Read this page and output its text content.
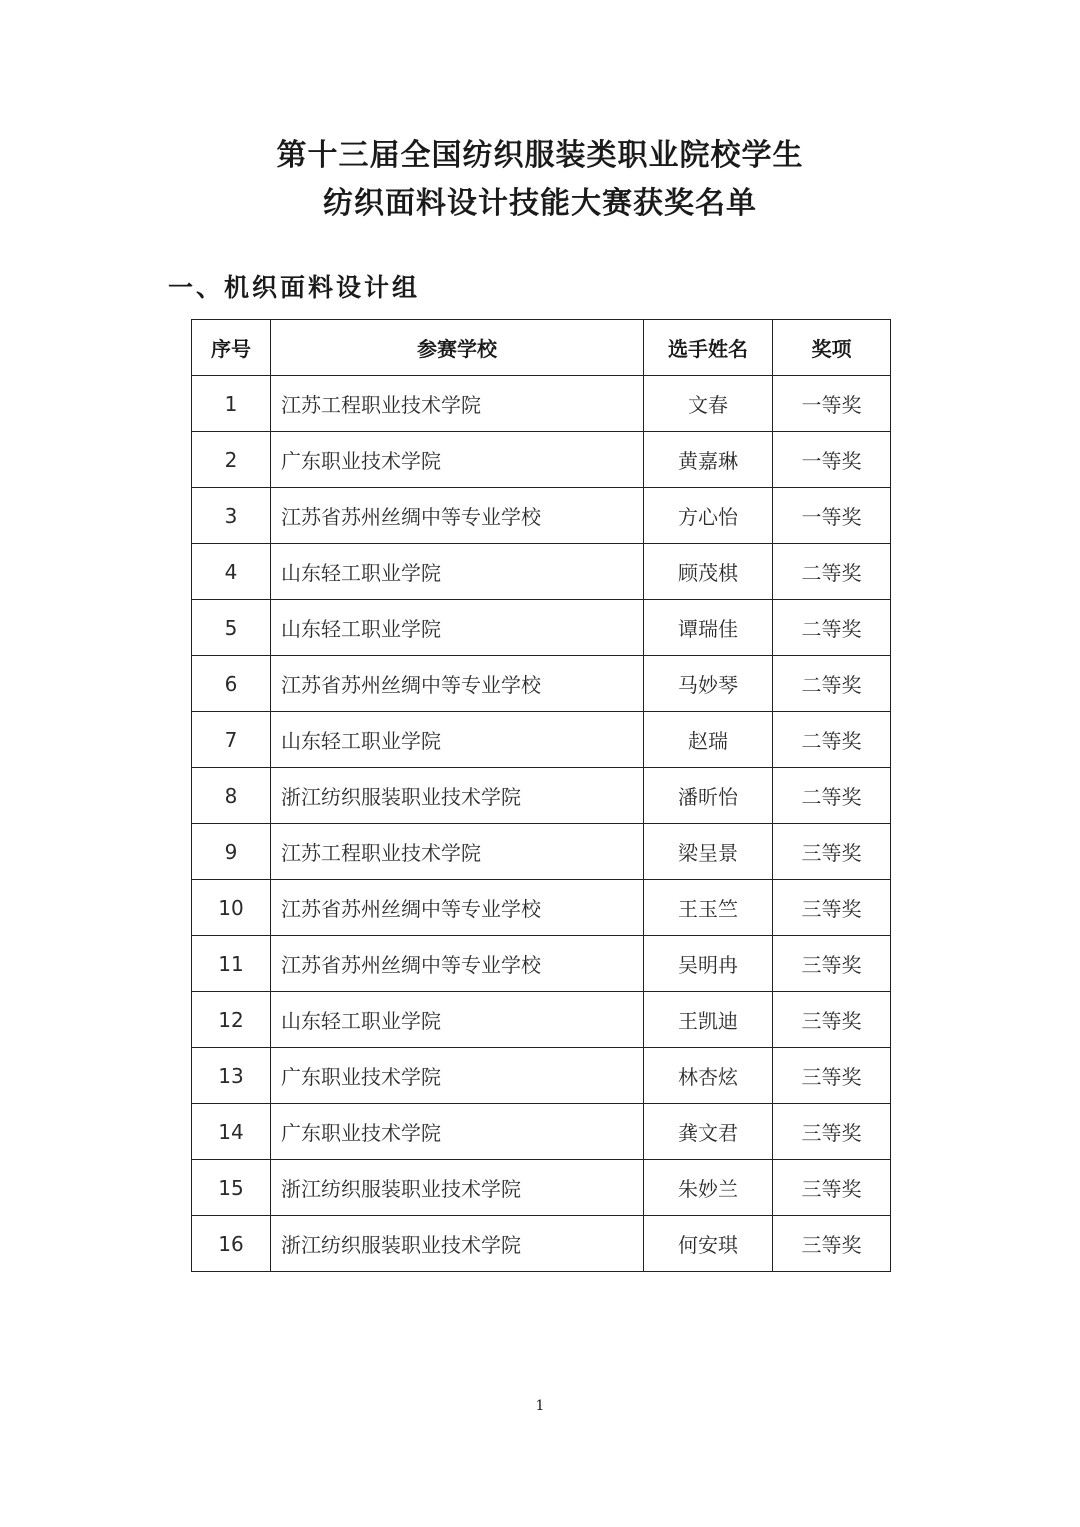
第十三届全国纺织服装类职业院校学生
纺织面料设计技能大赛获奖名单
一、机织面料设计组
序号	参赛学校	选手姓名	奖项
1	江苏工程职业技术学院	文春	一等奖
2	广东职业技术学院	黄嘉琳	一等奖
3	江苏省苏州丝绸中等专业学校	方心怡	一等奖
4	山东轻工职业学院	顾茂棋	二等奖
5	山东轻工职业学院	谭瑞佳	二等奖
6	江苏省苏州丝绸中等专业学校	马妙琴	二等奖
7	山东轻工职业学院	赵瑞	二等奖
8	浙江纺织服装职业技术学院	潘昕怡	二等奖
9	江苏工程职业技术学院	梁呈景	三等奖
10	江苏省苏州丝绸中等专业学校	王玉竺	三等奖
11	江苏省苏州丝绸中等专业学校	吴明冉	三等奖
12	山东轻工职业学院	王凯迪	三等奖
13	广东职业技术学院	林杏炫	三等奖
14	广东职业技术学院	龚文君	三等奖
15	浙江纺织服装职业技术学院	朱妙兰	三等奖
16	浙江纺织服装职业技术学院	何安琪	三等奖
1
